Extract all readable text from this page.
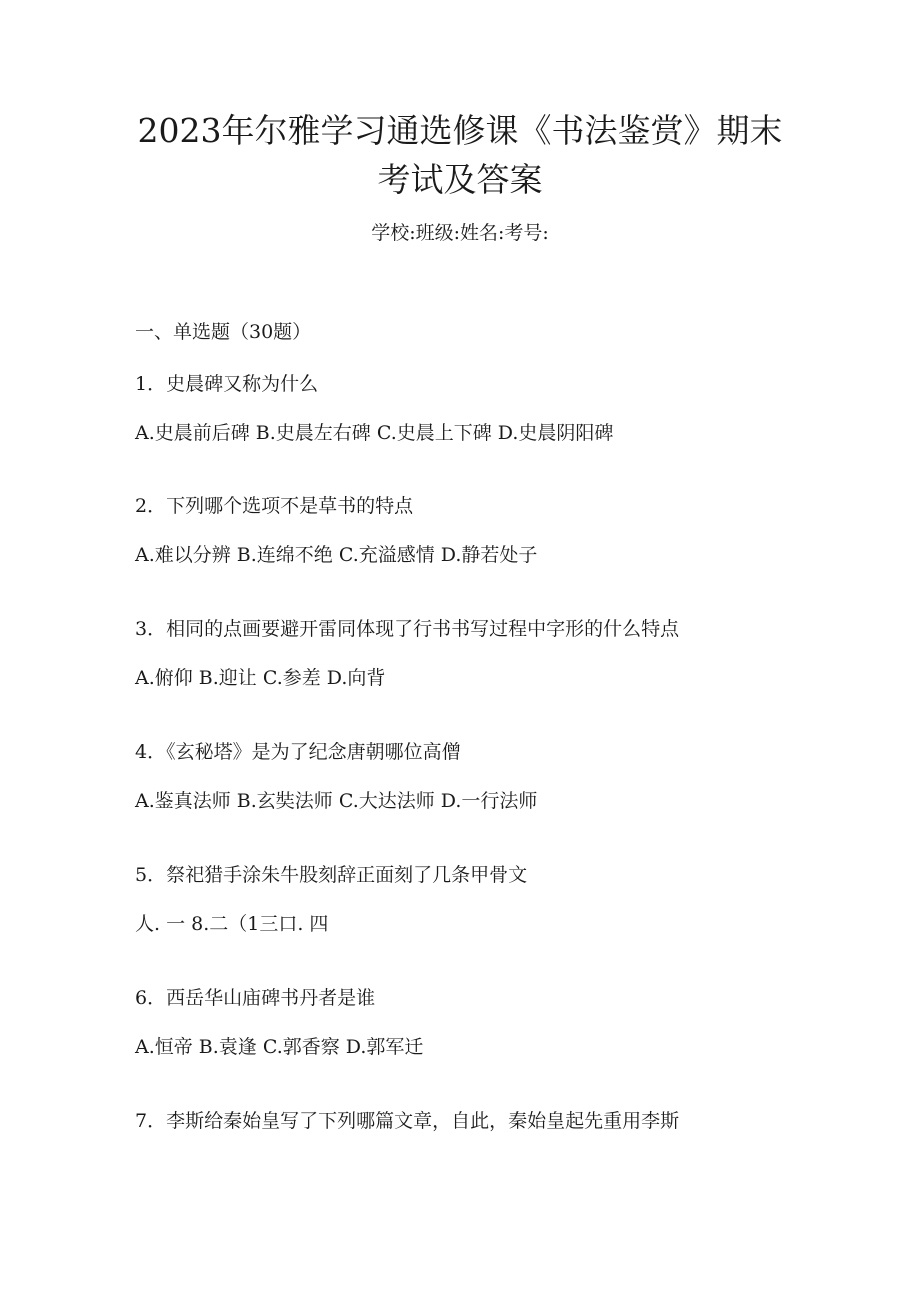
2023年尔雅学习通选修课《书法鉴赏》期末
考试及答案
学校:班级:姓名:考号:
一、单选题（30题）
1．史晨碑又称为什么
A.史晨前后碑 B.史晨左右碑 C.史晨上下碑 D.史晨阴阳碑
2．下列哪个选项不是草书的特点
A.难以分辨 B.连绵不绝 C.充溢感情 D.静若处子
3．相同的点画要避开雷同体现了行书书写过程中字形的什么特点
A.俯仰 B.迎让 C.参差 D.向背
4．《玄秘塔》是为了纪念唐朝哪位高僧
A.鉴真法师 B.玄奘法师 C.大达法师 D.一行法师
5．祭祀猎手涂朱牛股刻辞正面刻了几条甲骨文
人. 一 8.二（1三口. 四
6．西岳华山庙碑书丹者是谁
A.恒帝 B.袁逢 C.郭香察 D.郭军迁
7．李斯给秦始皇写了下列哪篇文章，自此，秦始皇起先重用李斯
